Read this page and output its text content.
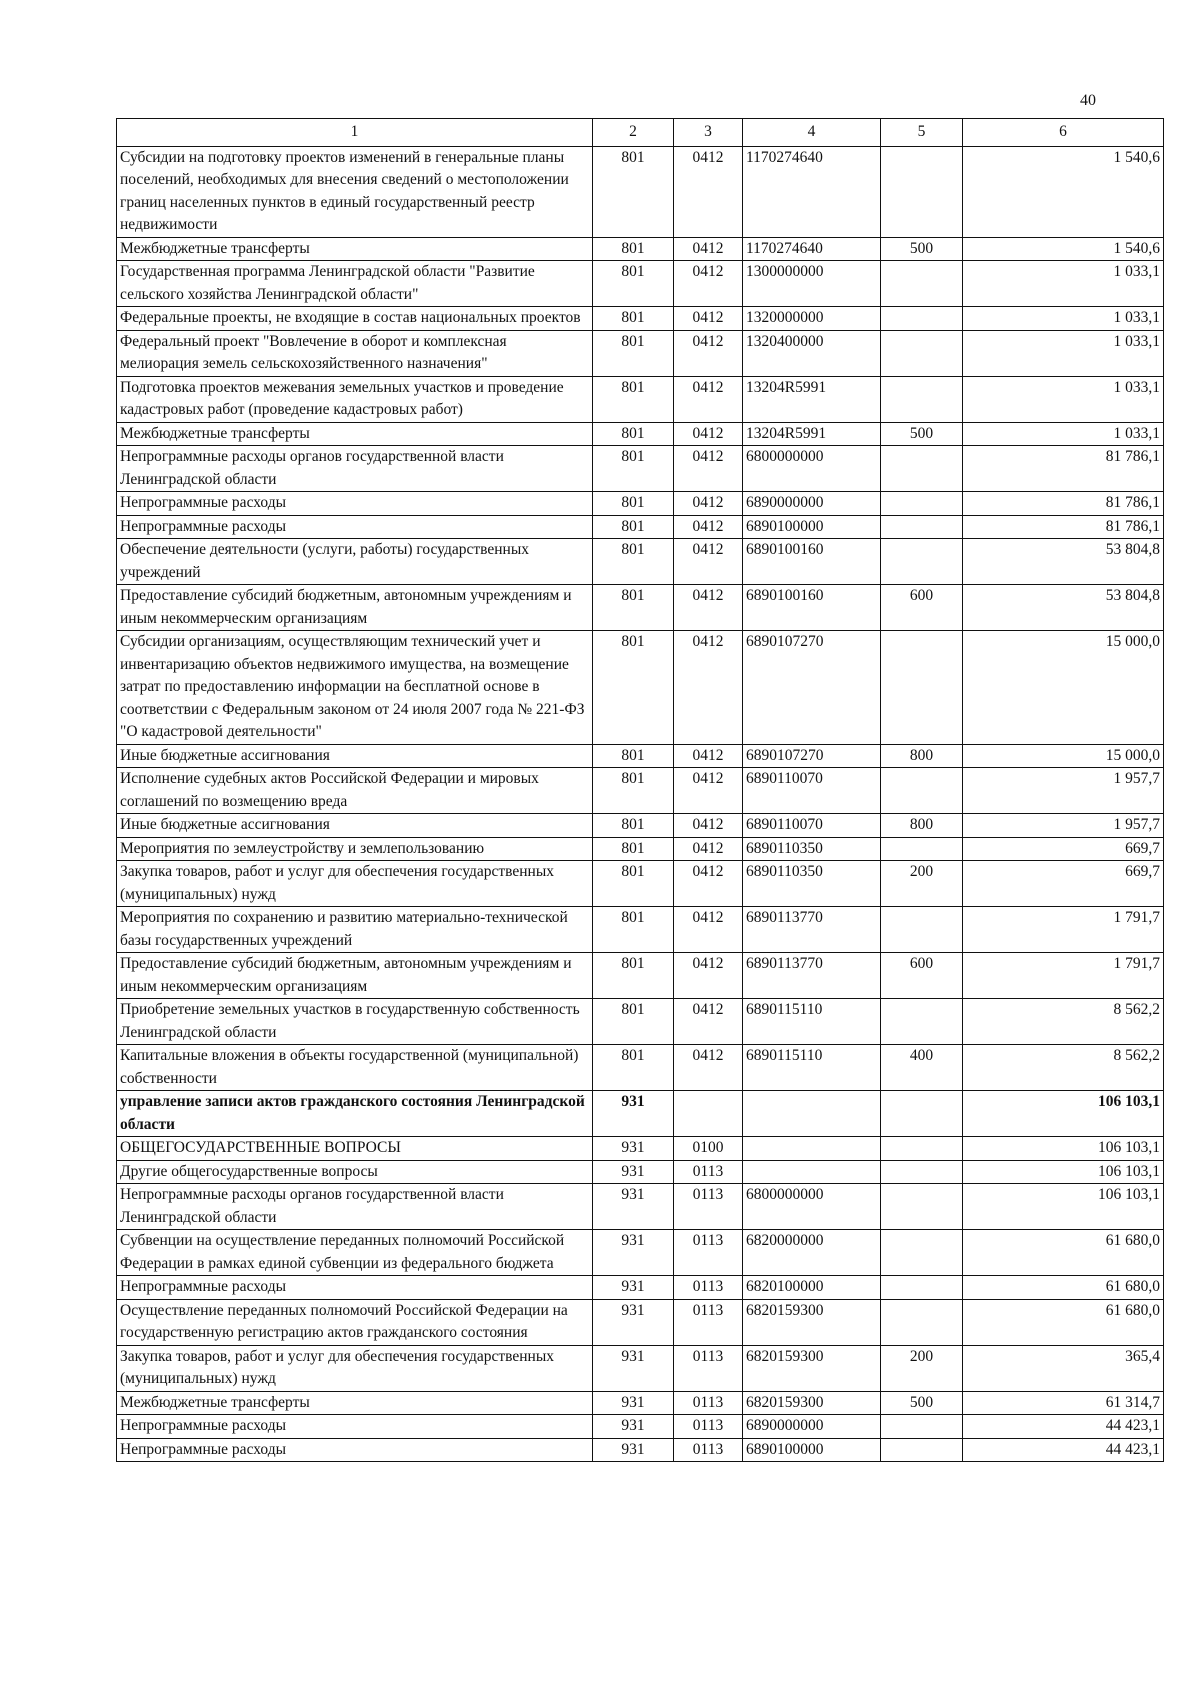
40
1	2	3	4	5	6
Субсидии на подготовку проектов изменений в генеральные планы поселений, необходимых для внесения сведений о местоположении границ населенных пунктов в единый государственный реестр недвижимости	801	0412	1170274640		1 540,6
Межбюджетные трансферты	801	0412	1170274640	500	1 540,6
Государственная программа Ленинградской области "Развитие сельского хозяйства Ленинградской области"	801	0412	1300000000		1 033,1
Федеральные проекты, не входящие в состав национальных проектов	801	0412	1320000000		1 033,1
Федеральный проект "Вовлечение в оборот и комплексная мелиорация земель сельскохозяйственного назначения"	801	0412	1320400000		1 033,1
Подготовка проектов межевания земельных участков и проведение кадастровых работ (проведение кадастровых работ)	801	0412	13204R5991		1 033,1
Межбюджетные трансферты	801	0412	13204R5991	500	1 033,1
Непрограммные расходы органов государственной власти Ленинградской области	801	0412	6800000000		81 786,1
Непрограммные расходы	801	0412	6890000000		81 786,1
Непрограммные расходы	801	0412	6890100000		81 786,1
Обеспечение деятельности (услуги, работы) государственных учреждений	801	0412	6890100160		53 804,8
Предоставление субсидий бюджетным, автономным учреждениям и иным некоммерческим организациям	801	0412	6890100160	600	53 804,8
Субсидии организациям, осуществляющим технический учет и инвентаризацию объектов недвижимого имущества, на возмещение затрат по предоставлению информации на бесплатной основе в соответствии с Федеральным законом от 24 июля 2007 года № 221-ФЗ "О кадастровой деятельности"	801	0412	6890107270		15 000,0
Иные бюджетные ассигнования	801	0412	6890107270	800	15 000,0
Исполнение судебных актов Российской Федерации и мировых соглашений по возмещению вреда	801	0412	6890110070		1 957,7
Иные бюджетные ассигнования	801	0412	6890110070	800	1 957,7
Мероприятия по землеустройству и землепользованию	801	0412	6890110350		669,7
Закупка товаров, работ и услуг для обеспечения государственных (муниципальных) нужд	801	0412	6890110350	200	669,7
Мероприятия по сохранению и развитию материально-технической базы государственных учреждений	801	0412	6890113770		1 791,7
Предоставление субсидий бюджетным, автономным учреждениям и иным некоммерческим организациям	801	0412	6890113770	600	1 791,7
Приобретение земельных участков в государственную собственность Ленинградской области	801	0412	6890115110		8 562,2
Капитальные вложения в объекты государственной (муниципальной) собственности	801	0412	6890115110	400	8 562,2
управление записи актов гражданского состояния Ленинградской области	931				106 103,1
ОБЩЕГОСУДАРСТВЕННЫЕ ВОПРОСЫ	931	0100			106 103,1
Другие общегосударственные вопросы	931	0113			106 103,1
Непрограммные расходы органов государственной власти Ленинградской области	931	0113	6800000000		106 103,1
Субвенции на осуществление переданных полномочий Российской Федерации в рамках единой субвенции из федерального бюджета	931	0113	6820000000		61 680,0
Непрограммные расходы	931	0113	6820100000		61 680,0
Осуществление переданных полномочий Российской Федерации на государственную регистрацию актов гражданского состояния	931	0113	6820159300		61 680,0
Закупка товаров, работ и услуг для обеспечения государственных (муниципальных) нужд	931	0113	6820159300	200	365,4
Межбюджетные трансферты	931	0113	6820159300	500	61 314,7
Непрограммные расходы	931	0113	6890000000		44 423,1
Непрограммные расходы	931	0113	6890100000		44 423,1
